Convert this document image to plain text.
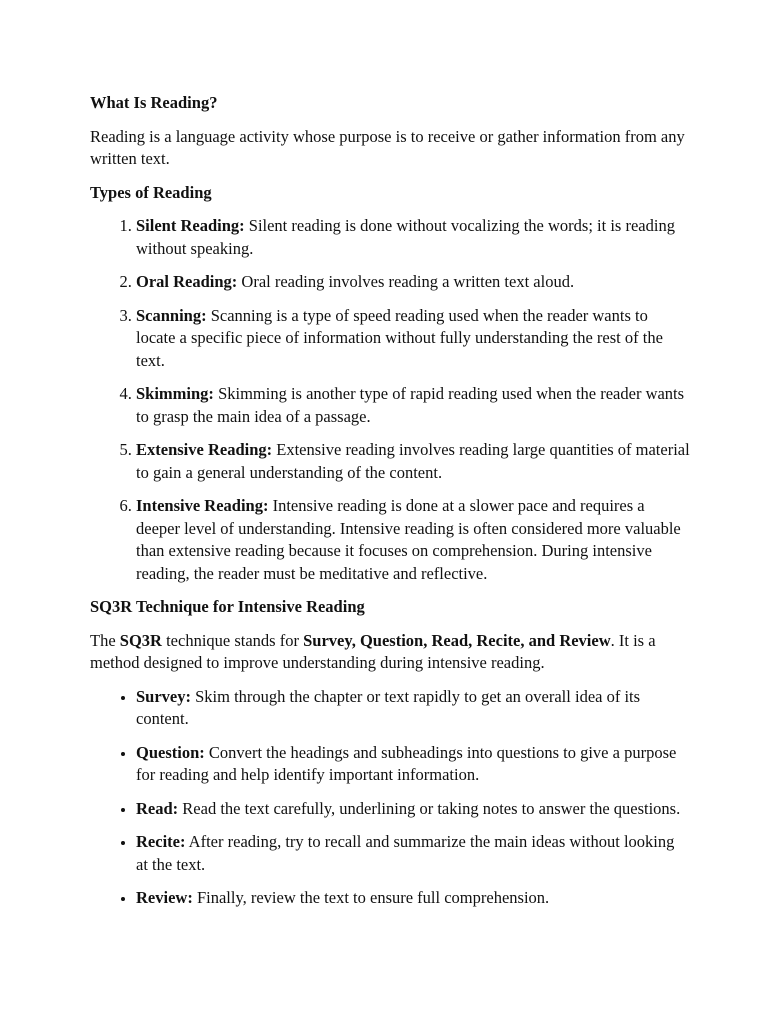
What Is Reading?

Reading is a language activity whose purpose is to receive or gather information from any written text.

Types of Reading
1. Silent Reading: Silent reading is done without vocalizing the words; it is reading without speaking.
2. Oral Reading: Oral reading involves reading a written text aloud.
3. Scanning: Scanning is a type of speed reading used when the reader wants to locate a specific piece of information without fully understanding the rest of the text.
4. Skimming: Skimming is another type of rapid reading used when the reader wants to grasp the main idea of a passage.
5. Extensive Reading: Extensive reading involves reading large quantities of material to gain a general understanding of the content.
6. Intensive Reading: Intensive reading is done at a slower pace and requires a deeper level of understanding. Intensive reading is often considered more valuable than extensive reading because it focuses on comprehension. During intensive reading, the reader must be meditative and reflective.
SQ3R Technique for Intensive Reading

The SQ3R technique stands for Survey, Question, Read, Recite, and Review. It is a method designed to improve understanding during intensive reading.

• Survey: Skim through the chapter or text rapidly to get an overall idea of its content.
• Question: Convert the headings and subheadings into questions to give a purpose for reading and help identify important information.
• Read: Read the text carefully, underlining or taking notes to answer the questions.
• Recite: After reading, try to recall and summarize the main ideas without looking at the text.
• Review: Finally, review the text to ensure full comprehension.
